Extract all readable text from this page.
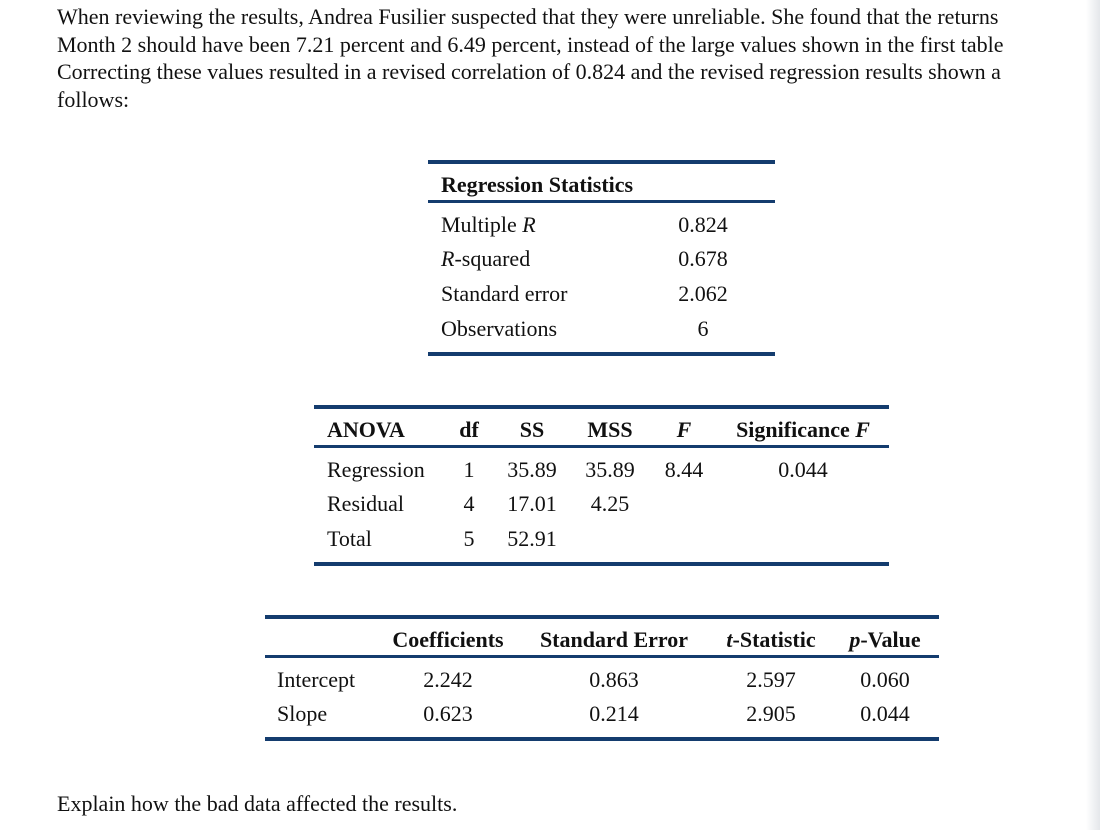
When reviewing the results, Andrea Fusilier suspected that they were unreliable. She found that the returns
Month 2 should have been 7.21 percent and 6.49 percent, instead of the large values shown in the first table
Correcting these values resulted in a revised correlation of 0.824 and the revised regression results shown a
follows:
Regression Statistics
Multiple R	0.824
R-squared	0.678
Standard error	2.062
Observations	6
ANOVA df SS MSS F Significance F
Regression 1 35.89 35.89 8.44	0.044
Residual	4 17.01 4.25
Total	5 52.91
Coefficients Standard Error t-Statistic p-Value
Intercept	2.242	0.863	2.597	0.060
Slope	0.623	0.214	2.905	0.044
Explain how the bad data affected the results.
